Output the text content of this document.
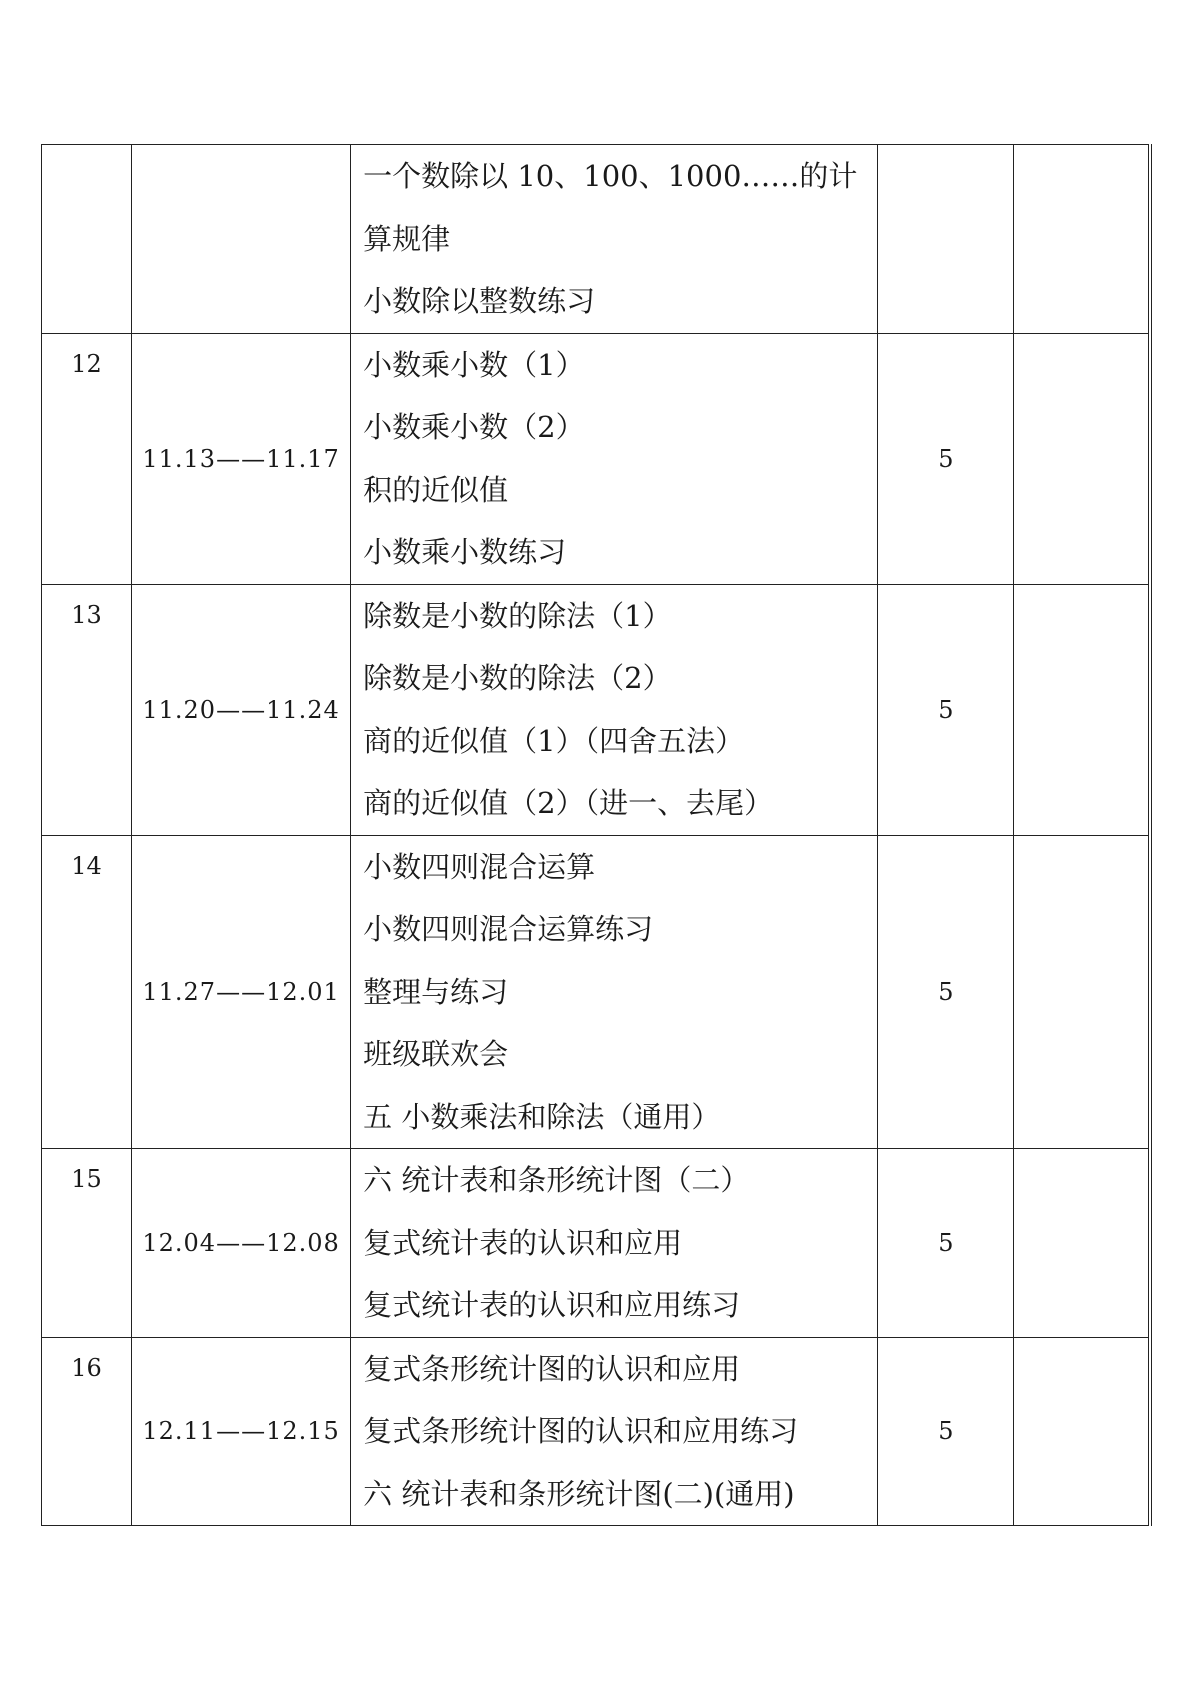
		一个数除以 10、100、1000……的计
算规律
小数除以整数练习		

12	11.13——11.17	小数乘小数（1）
小数乘小数（2）
积的近似值
小数乘小数练习	5	
13	11.20——11.24	除数是小数的除法（1）
除数是小数的除法（2）
商的近似值（1）（四舍五法）
商的近似值（2）（进一、去尾）	5	
14	11.27——12.01	小数四则混合运算
小数四则混合运算练习
整理与练习
班级联欢会
五 小数乘法和除法（通用）	5	
15	12.04——12.08	六 统计表和条形统计图（二）
复式统计表的认识和应用
复式统计表的认识和应用练习	5	
16	12.11——12.15	复式条形统计图的认识和应用
复式条形统计图的认识和应用练习
六 统计表和条形统计图(二)(通用)	5	
